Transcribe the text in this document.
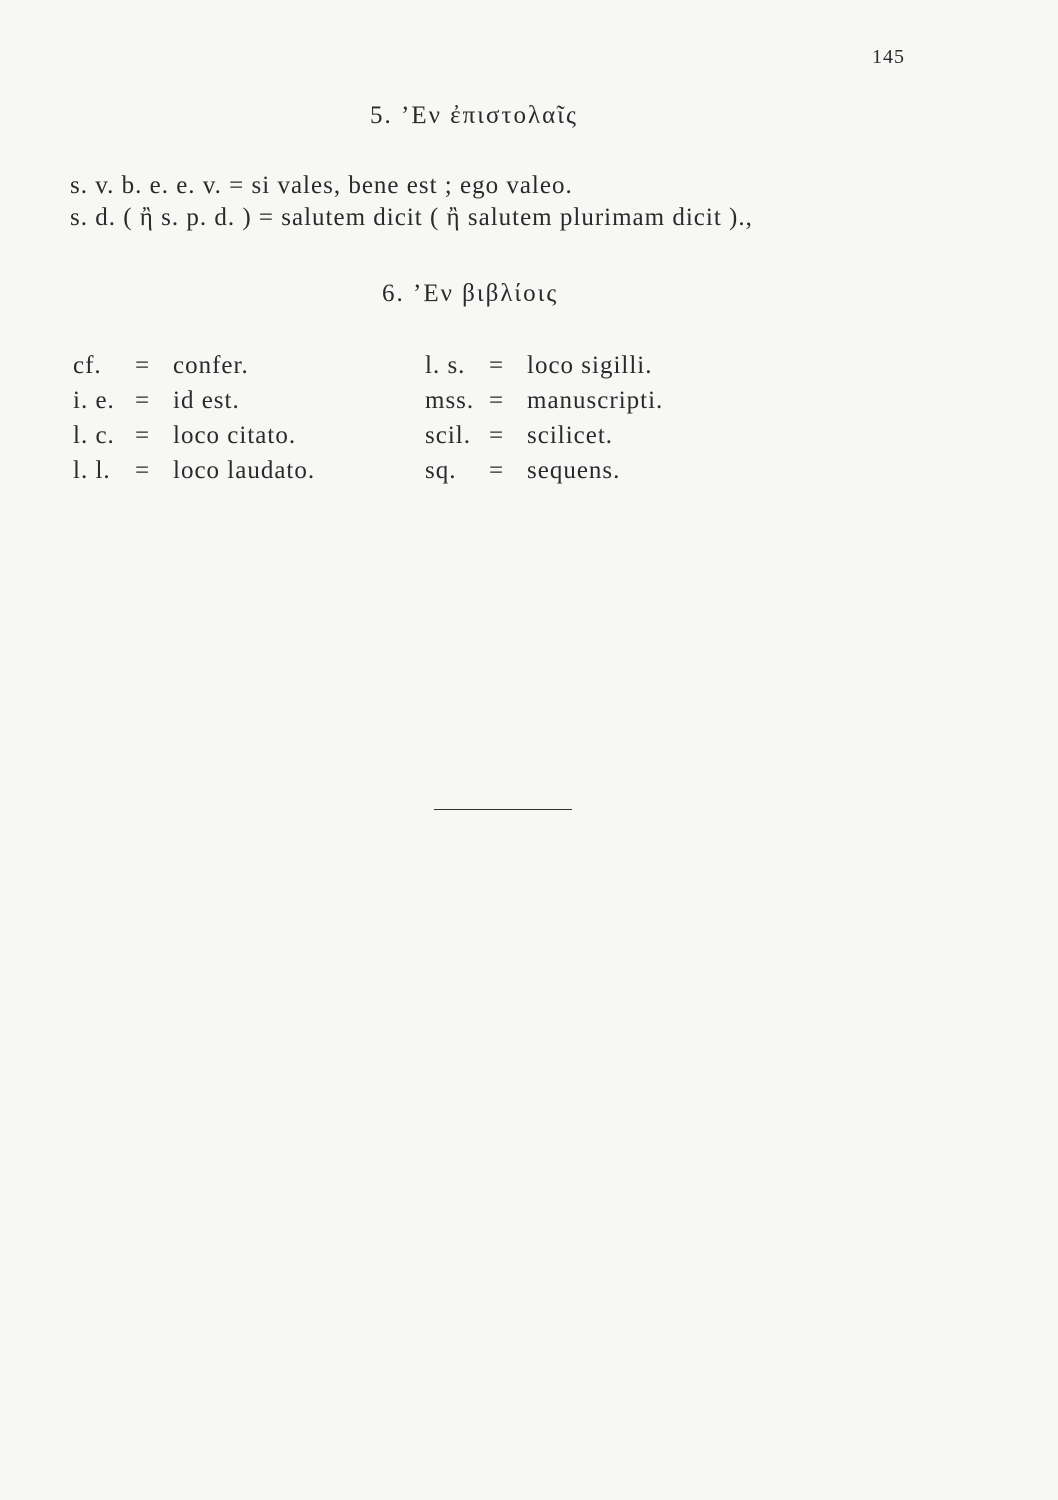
145
5. ’Εν ἐπιστολαῖς
s. v. b. e. e. v. = si vales, bene est ; ego valeo.
s. d. ( ἢ s. p. d. ) = salutem dicit ( ἢ salutem plurimam dicit ).,
6. ’Εν βιβλίοις
cf.	= confer.
i. e. = id est.
l. c. = loco citato.
l. l. = loco laudato.
l. s. = loco sigilli.
mss. = manuscripti.
scil. = scilicet.
sq.	= sequens.
